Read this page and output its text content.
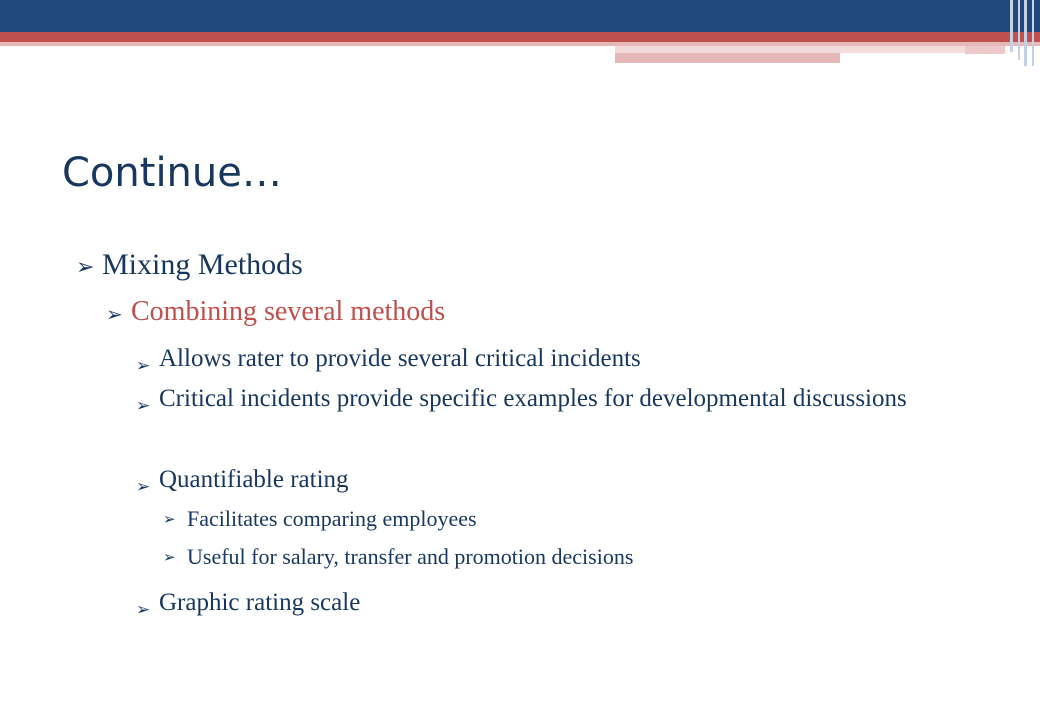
Continue…
➢ Mixing Methods
➢ Combining several methods
➢ Allows rater to provide several critical incidents
➢ Critical incidents provide specific examples for developmental discussions
➢ Quantifiable rating
➢ Facilitates comparing employees
➢ Useful for salary, transfer and promotion decisions
➢ Graphic rating scale
